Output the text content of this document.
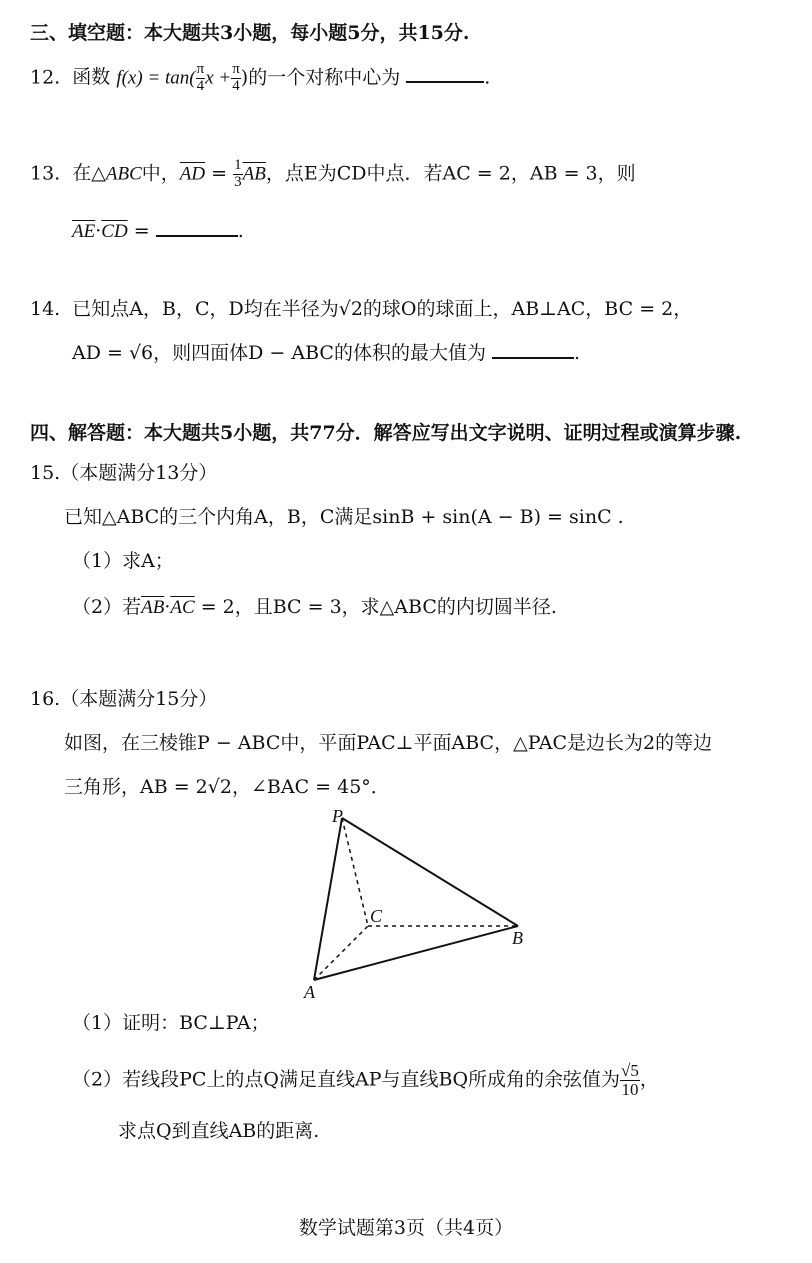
三、填空题：本大题共3小题，每小题5分，共15分.
12. 函数 $f(x) = \tan( \frac{\pi}{4}$ $x + \frac{\pi}{4}$ )的一个对称中心为	.
13. 在△ABC中，$\overline{AD} = \frac{1}{3} \overline{AB}$，点E为CD中点．若AC = 2，AB = 3，则
$\overline{AE}\cdot\overline{CD}$ =	.
14. 已知点A，B，C，D均在半径为√2的球O的球面上，AB⊥AC，BC = 2，
AD = √6，则四面体D − ABC的体积的最大值为	.
四、解答题：本大题共5小题，共77分．解答应写出文字说明、证明过程或演算步骤.
15.（本题满分13分）
已知△ABC的三个内角A，B，C满足sinB + sin(A − B) = sinC .
（1）求A；
（2）若$\overline{AB}\cdot\overline{AC} = 2$，且BC = 3，求△ABC的内切圆半径.
16.（本题满分15分）
如图，在三棱锥P − ABC中，平面PAC⊥平面ABC，△PAC是边长为2的等边
三角形，AB = 2√2，∠BAC = 45°．
P
C
B
A
（1）证明：BC⊥PA；
（2）若线段PC上的点Q满足直线AP与直线BQ所成角的余弦值为 $\frac{√5}{10}$ ，
求点Q到直线AB的距离.
数学试题第3页（共4页）
